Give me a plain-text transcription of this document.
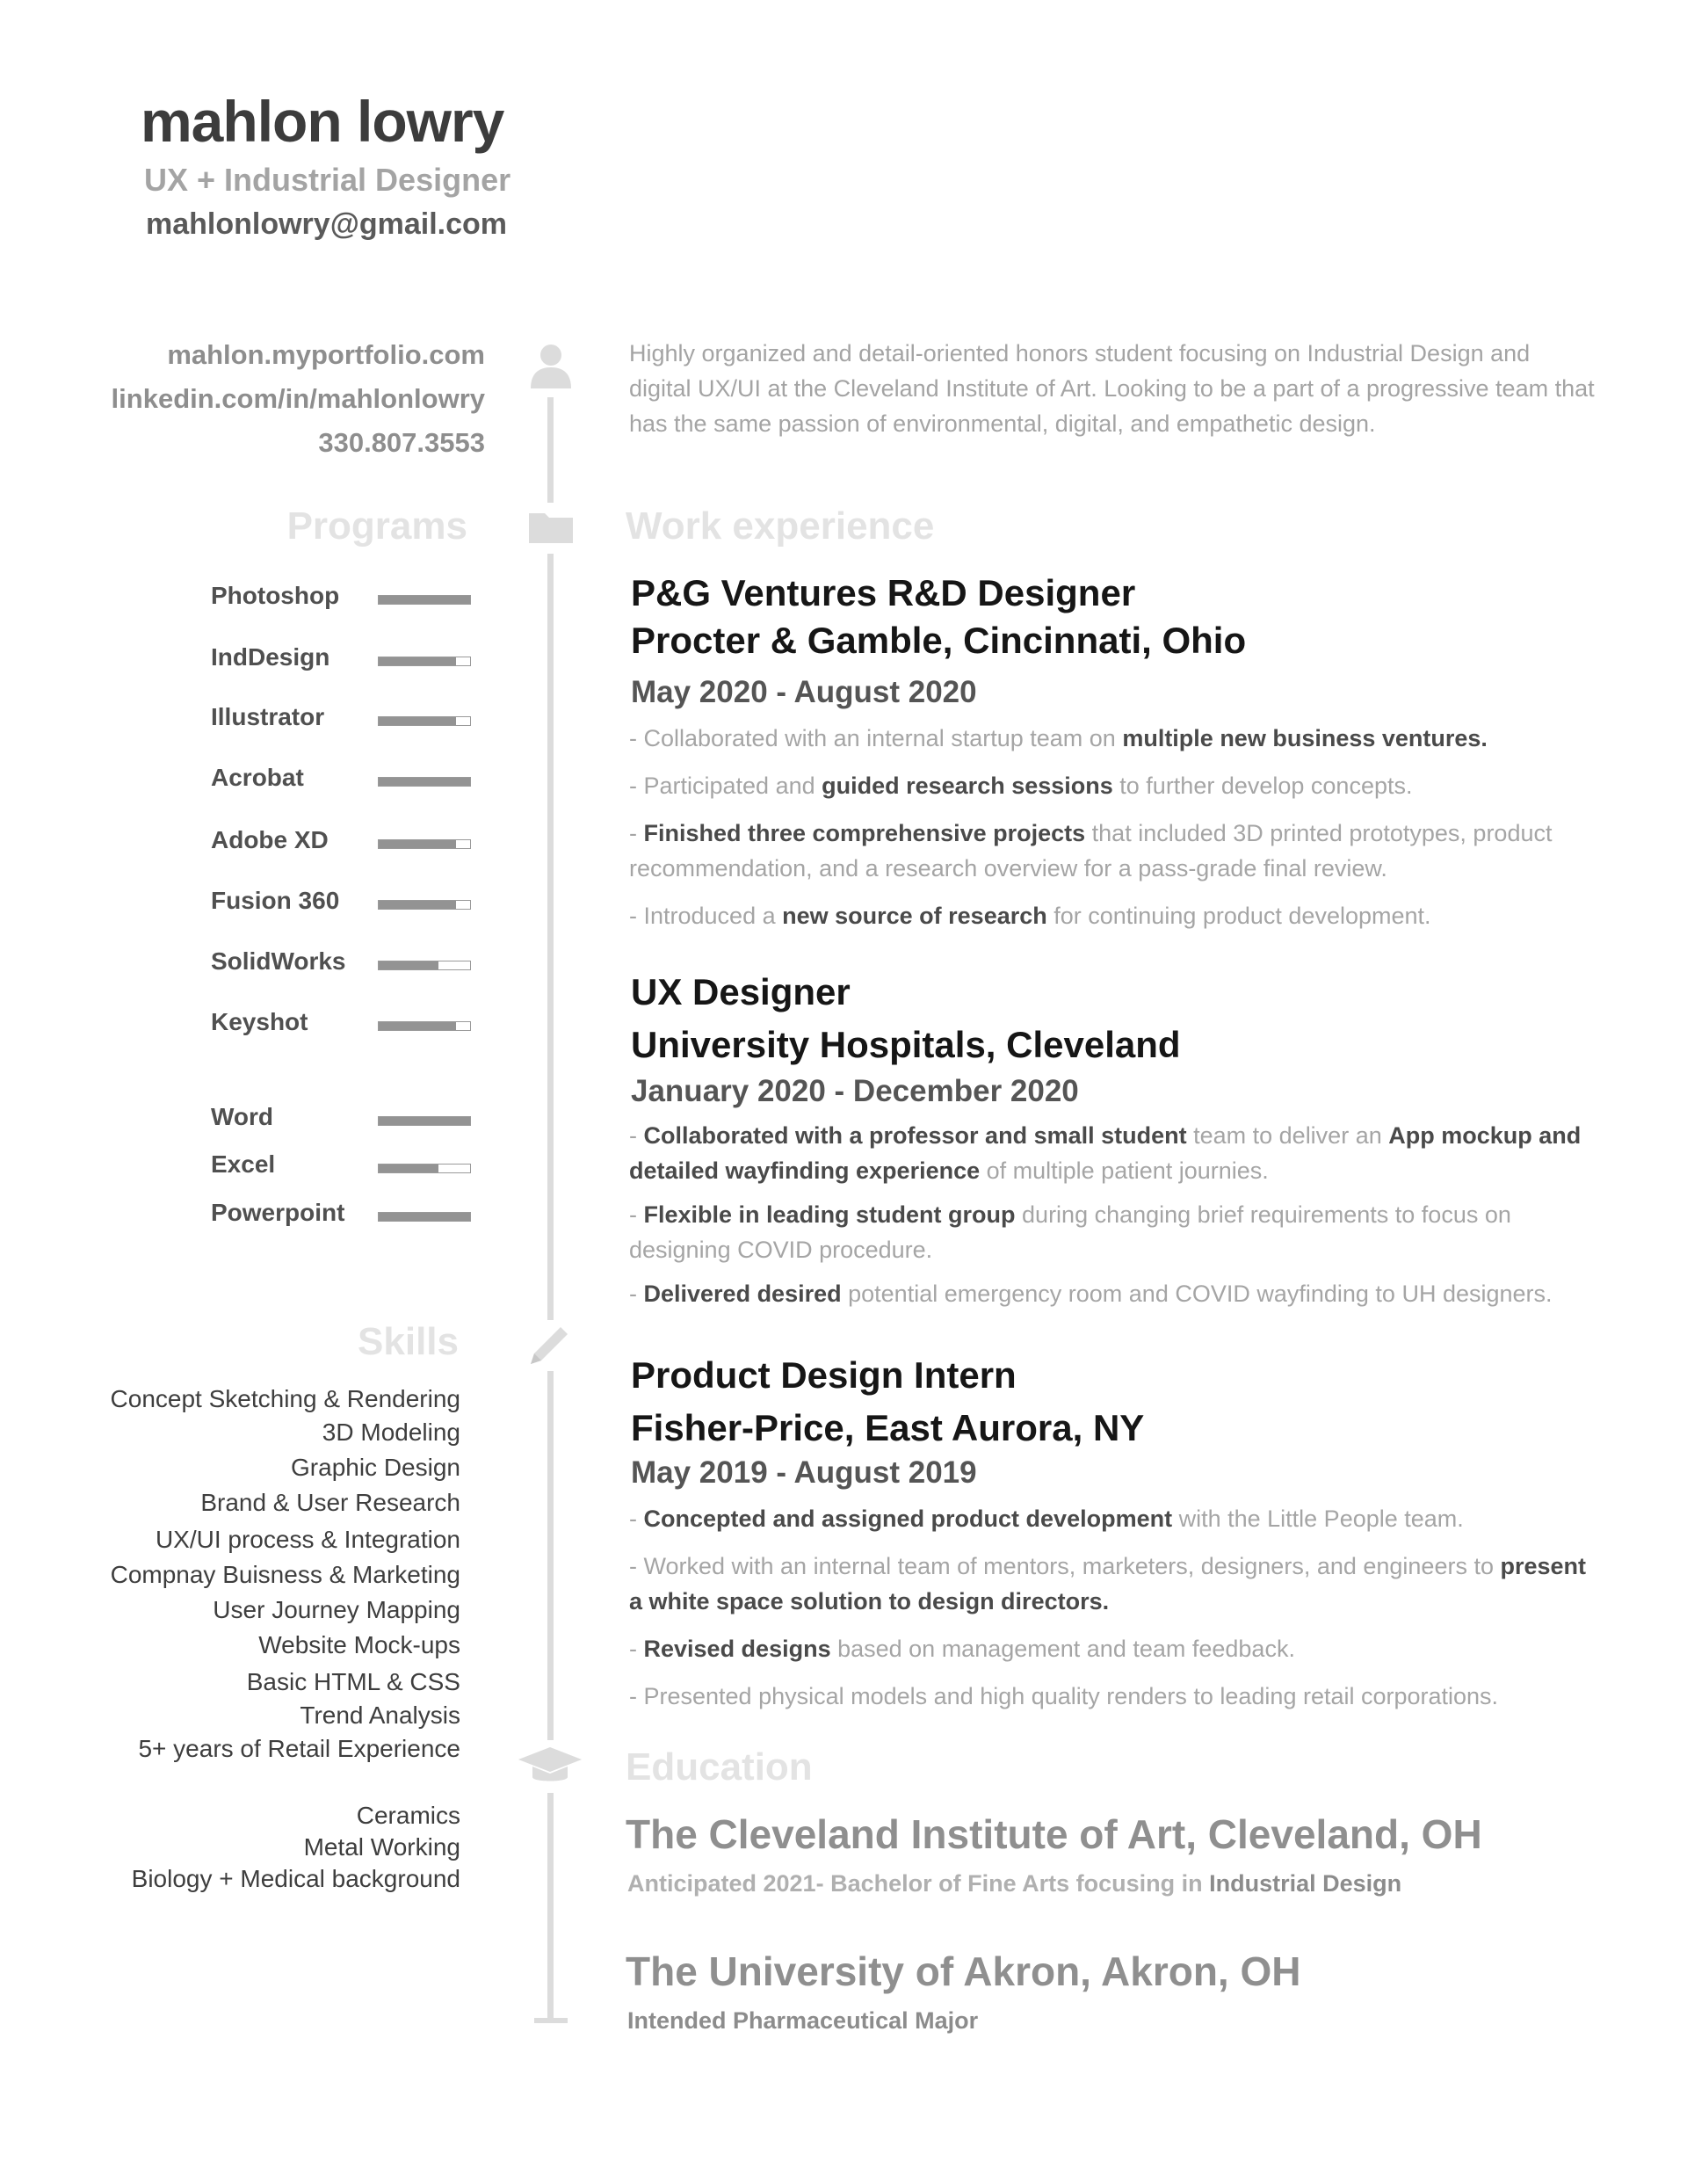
mahlon lowry
UX + Industrial Designer
mahlonlowry@gmail.com
mahlon.myportfolio.com
linkedin.com/in/mahlonlowry
330.807.3553
Highly organized and detail-oriented honors student focusing on Industrial Design and digital UX/UI at the Cleveland Institute of Art. Looking to be a part of a progressive team that has the same passion of environmental, digital, and empathetic design.
Programs
Skills
Work experience
Education
Photoshop
IndDesign
Illustrator
Acrobat
Adobe XD
Fusion 360
SolidWorks
Keyshot
Word
Excel
Powerpoint
Concept Sketching & Rendering
3D Modeling
Graphic Design
Brand & User Research
UX/UI process & Integration
Compnay Buisness & Marketing
User Journey Mapping
Website Mock-ups
Basic HTML & CSS
Trend Analysis
5+ years of Retail Experience
Ceramics
Metal Working
Biology + Medical background
P&G Ventures R&D Designer
Procter & Gamble, Cincinnati, Ohio
May 2020 - August 2020
- Collaborated with an internal startup team on multiple new business ventures.
- Participated and guided research sessions to further develop concepts.
- Finished three comprehensive projects that included 3D printed prototypes, product recommendation, and a research overview for a pass-grade final review.
- Introduced a new source of research for continuing product development.
UX Designer
University Hospitals, Cleveland
January 2020 - December 2020
- Collaborated with a professor and small student team to deliver an App mockup and detailed wayfinding experience of multiple patient journies.
- Flexible in leading student group during changing brief requirements to focus on designing COVID procedure.
- Delivered desired potential emergency room and COVID wayfinding to UH designers.
Product Design Intern
Fisher-Price, East Aurora, NY
May 2019 - August 2019
- Concepted and assigned product development with the Little People team.
- Worked with an internal team of mentors, marketers, designers, and engineers to present a white space solution to design directors.
- Revised designs based on management and team feedback.
- Presented physical models and high quality renders to leading retail corporations.
The Cleveland Institute of Art, Cleveland, OH
Anticipated 2021- Bachelor of Fine Arts focusing in Industrial Design
The University of Akron, Akron, OH
Intended Pharmaceutical Major
